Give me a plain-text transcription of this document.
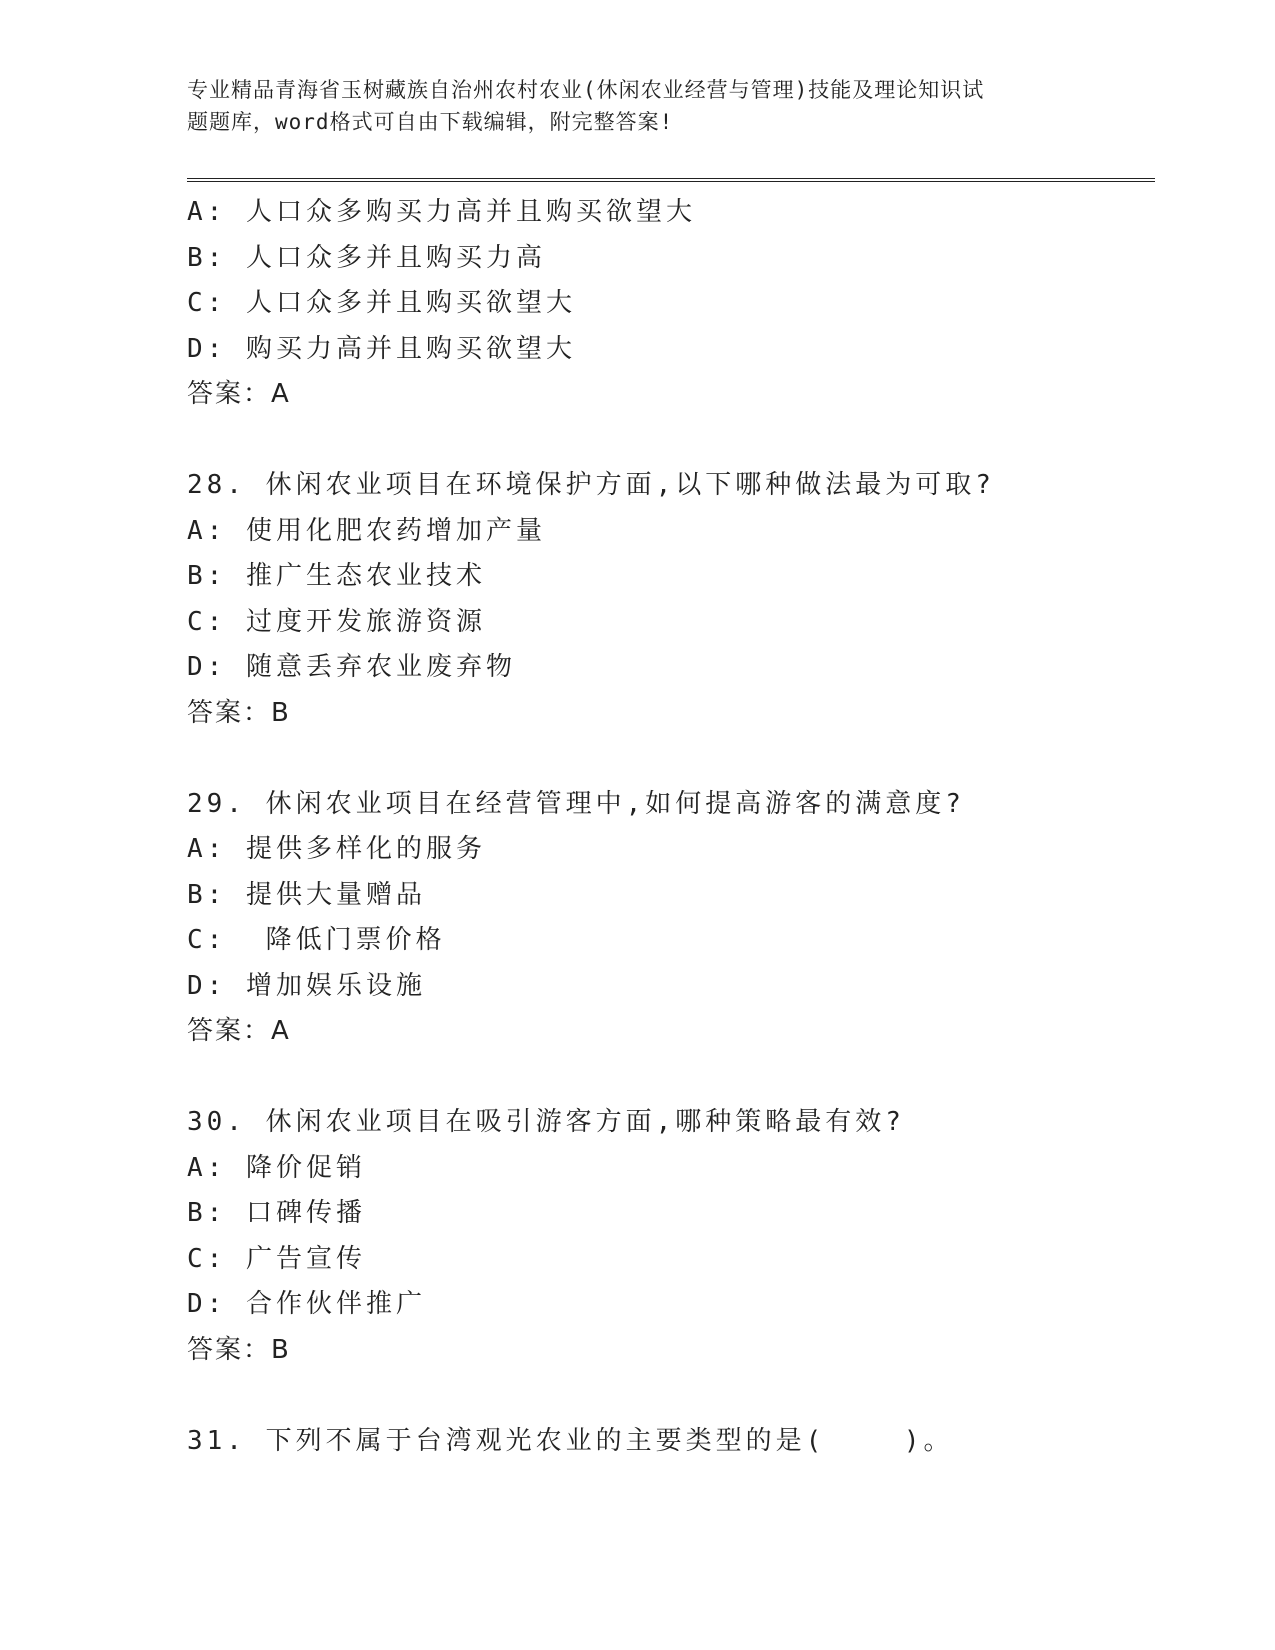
专业精品青海省玉树藏族自治州农村农业(休闲农业经营与管理)技能及理论知识试
题题库，word格式可自由下载编辑，附完整答案!
A: 人口众多购买力高并且购买欲望大
B: 人口众多并且购买力高
C: 人口众多并且购买欲望大
D: 购买力高并且购买欲望大
答案：A
28. 休闲农业项目在环境保护方面,以下哪种做法最为可取?
A: 使用化肥农药增加产量
B: 推广生态农业技术
C: 过度开发旅游资源
D: 随意丢弃农业废弃物
答案：B
29. 休闲农业项目在经营管理中,如何提高游客的满意度?
A: 提供多样化的服务
B: 提供大量赠品
C:  降低门票价格
D: 增加娱乐设施
答案：A
30. 休闲农业项目在吸引游客方面,哪种策略最有效?
A: 降价促销
B: 口碑传播
C: 广告宣传
D: 合作伙伴推广
答案：B
31. 下列不属于台湾观光农业的主要类型的是(    )。
